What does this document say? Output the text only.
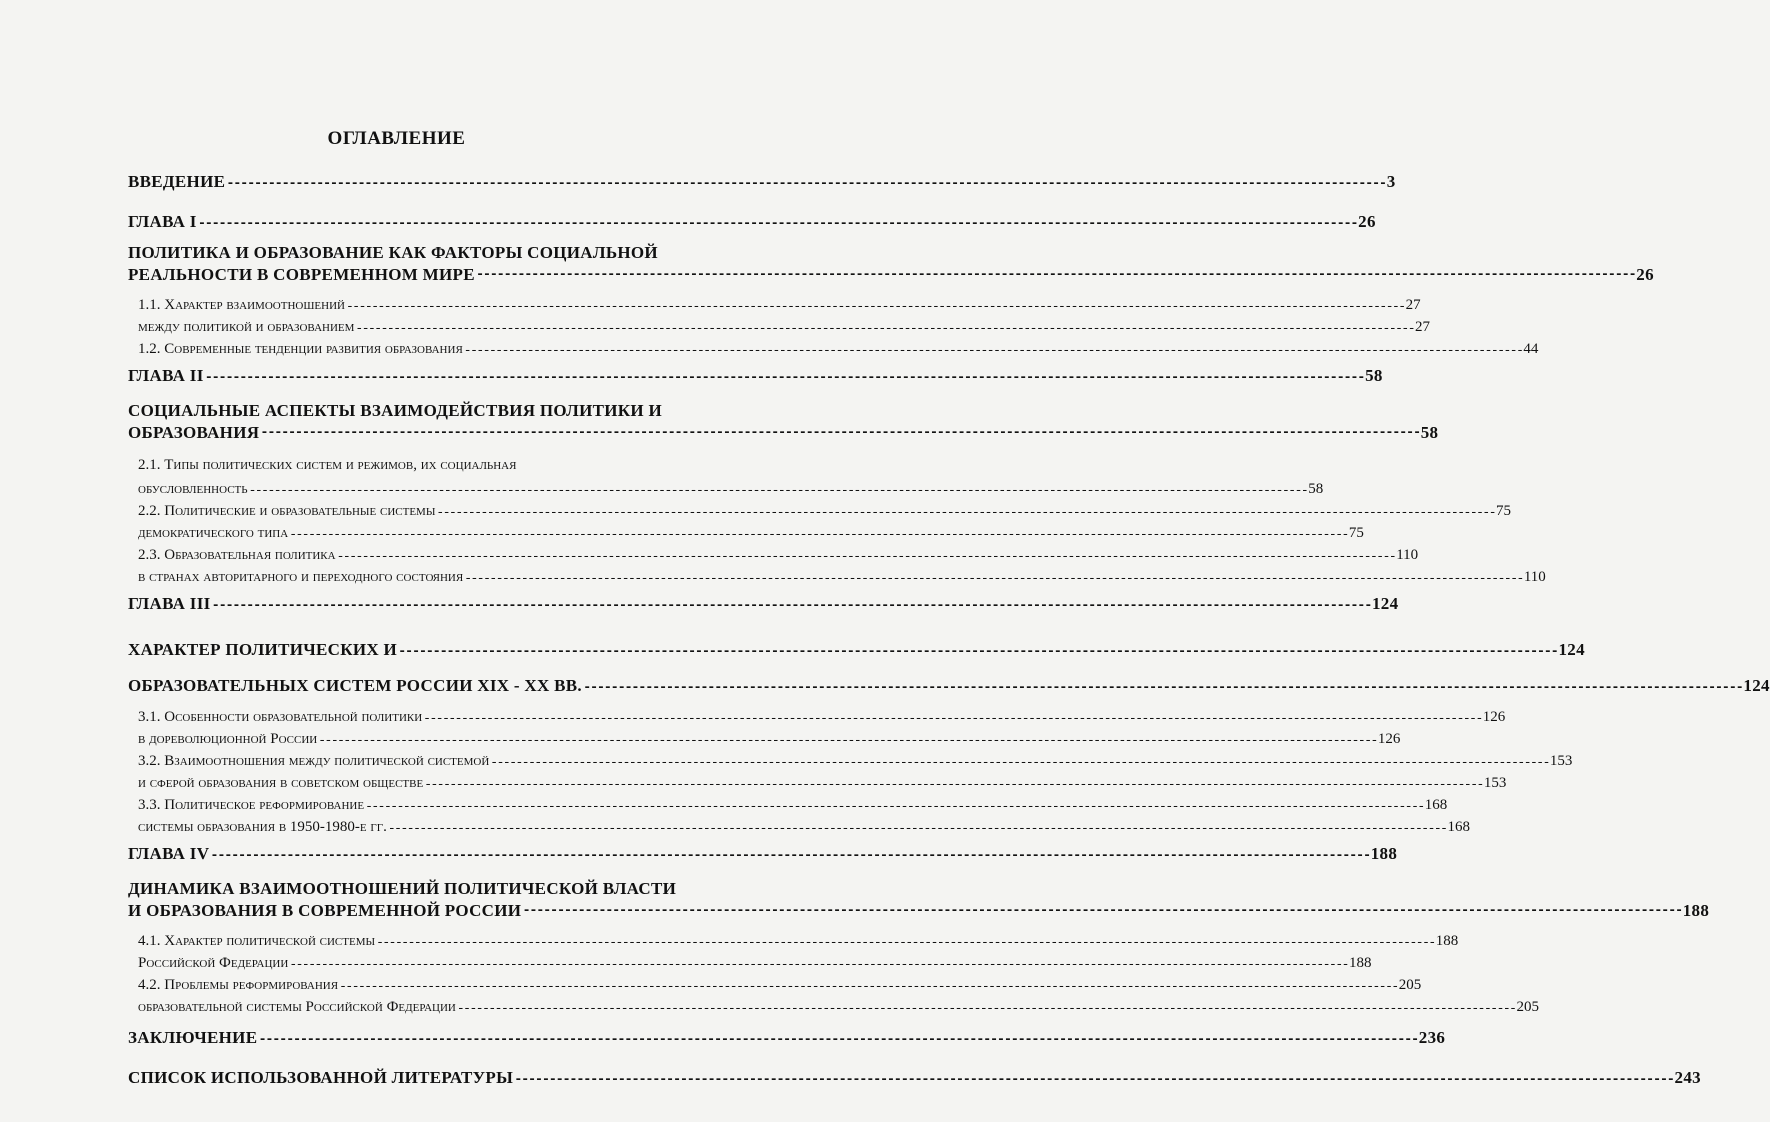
ОГЛАВЛЕНИЕ
ВВЕДЕНИЕ -----	3
ГЛАВА I -----	26
ПОЛИТИКА И ОБРАЗОВАНИЕ КАК ФАКТОРЫ СОЦИАЛЬНОЙ
РЕАЛЬНОСТИ В СОВРЕМЕННОМ МИРЕ -----	26
1.1. Характер взаимоотношений -----	27
между политикой и образованием -----	27
1.2. Современные тенденции развития образования -----	44
ГЛАВА II -----	58
СОЦИАЛЬНЫЕ АСПЕКТЫ ВЗАИМОДЕЙСТВИЯ ПОЛИТИКИ И
ОБРАЗОВАНИЯ -----	58
2.1. Типы политических систем и режимов, их социальная
обусловленность -----	58
2.2. Политические и образовательные системы -----	75
демократического типа -----	75
2.3. Образовательная политика -----	110
в странах авторитарного и переходного состояния -----	110
ГЛАВА III -----	124
ХАРАКТЕР ПОЛИТИЧЕСКИХ И -----	124
ОБРАЗОВАТЕЛЬНЫХ СИСТЕМ РОССИИ XIX - XX ВВ. -----	124
3.1. Особенности образовательной политики -----	126
в дореволюционной России -----	126
3.2. Взаимоотношения между политической системой -----	153
и сферой образования в советском обществе -----	153
3.3. Политическое реформирование -----	168
системы образования в 1950-1980-е гг. -----	168
ГЛАВА IV -----	188
ДИНАМИКА ВЗАИМООТНОШЕНИЙ ПОЛИТИЧЕСКОЙ ВЛАСТИ
И ОБРАЗОВАНИЯ В СОВРЕМЕННОЙ РОССИИ -----	188
4.1. Характер политической системы -----	188
Российской Федерации -----	188
4.2. Проблемы реформирования -----	205
образовательной системы Российской Федерации -----	205
ЗАКЛЮЧЕНИЕ -----	236
СПИСОК ИСПОЛЬЗОВАННОЙ ЛИТЕРАТУРЫ -----	243
